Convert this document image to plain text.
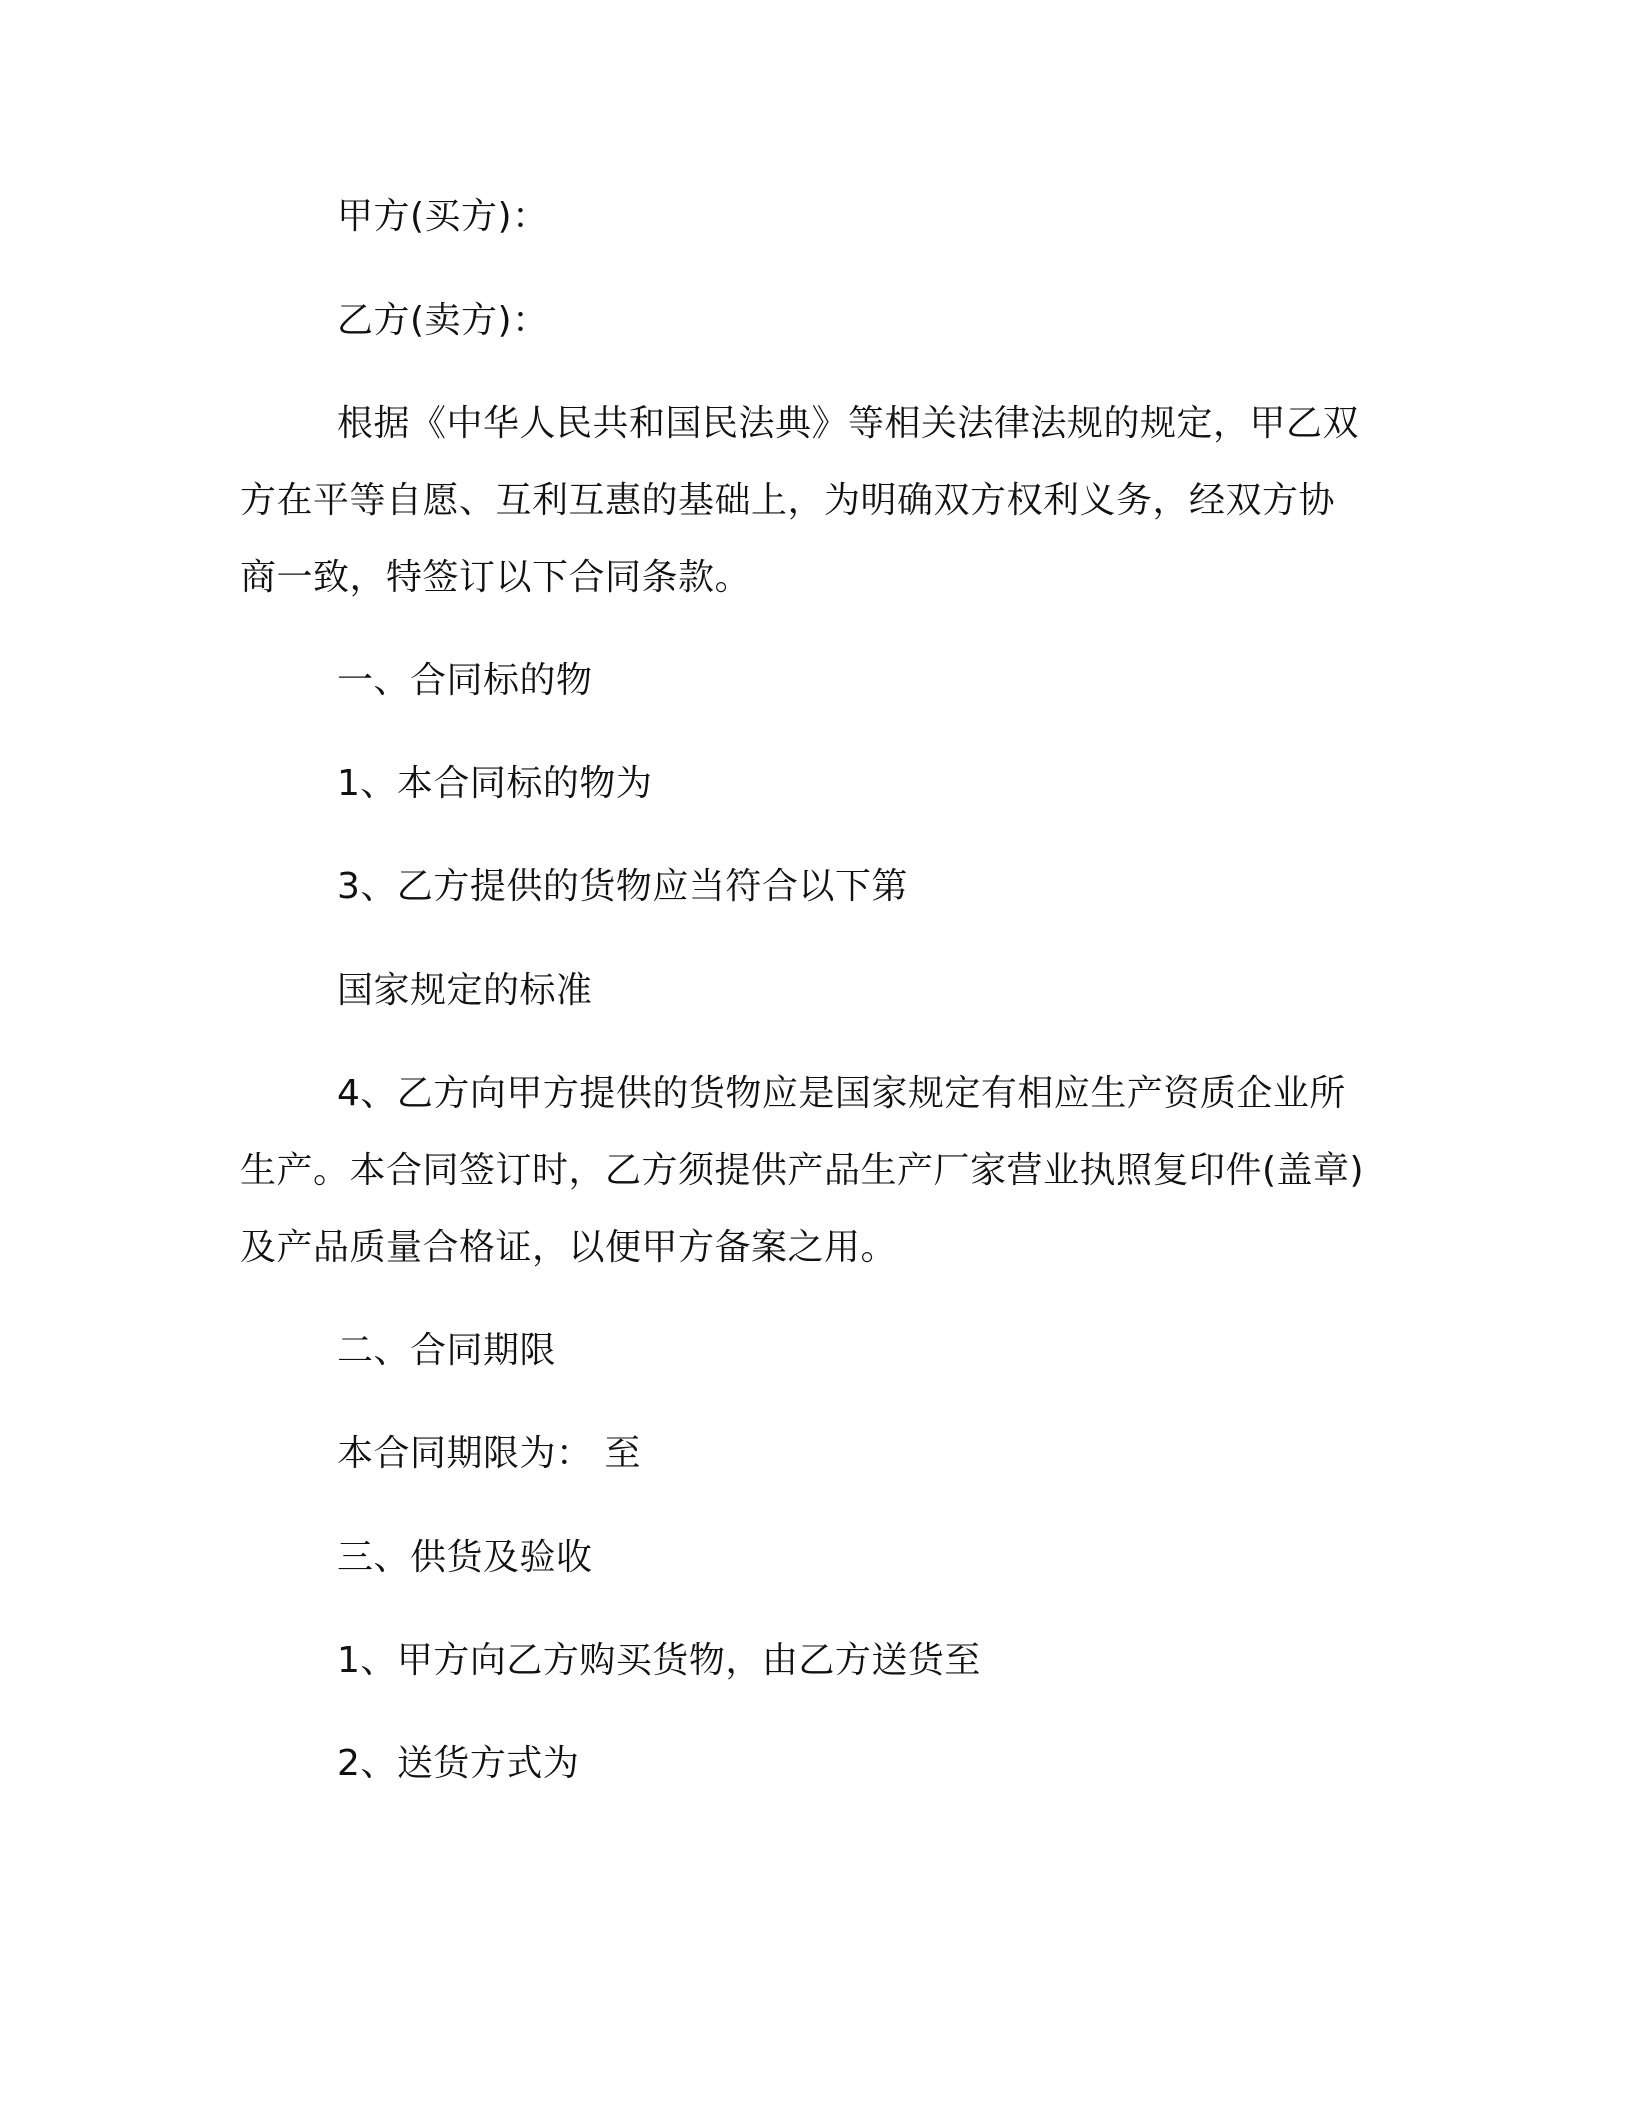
甲方(买方)：
乙方(卖方)：
根据《中华人民共和国民法典》等相关法律法规的规定，甲乙双
方在平等自愿、互利互惠的基础上，为明确双方权利义务，经双方协
商一致，特签订以下合同条款。
一、合同标的物
1、本合同标的物为
3、乙方提供的货物应当符合以下第
国家规定的标准
4、乙方向甲方提供的货物应是国家规定有相应生产资质企业所
生产。本合同签订时，乙方须提供产品生产厂家营业执照复印件(盖章)
及产品质量合格证，以便甲方备案之用。
二、合同期限
本合同期限为： 至
三、供货及验收
1、甲方向乙方购买货物，由乙方送货至
2、送货方式为
